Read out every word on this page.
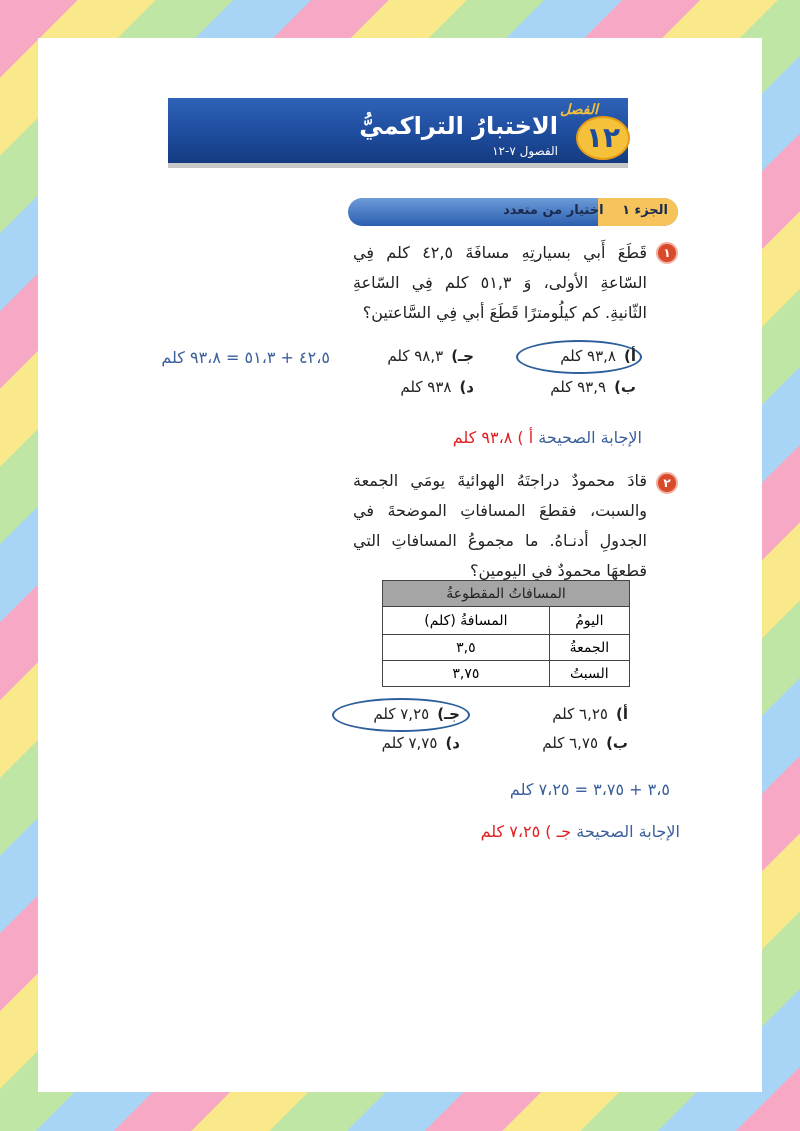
الفصل
١٢
الاختبارُ التراكميُّ
الفصول ٧-١٢
الجزء ١ اختيار من متعدد
١
قَطَعَ أَبي بسيارتِهِ مسافَةَ ٤٢,٥ كلم فِي السّاعةِ الأولى، وَ ٥١,٣ كلم فِي السّاعةِ الثّانيةِ. كم كيلُومترًا قَطَعَ أبي فِي السَّاعتين؟
أ)٩٣,٨ كلم
جـ)٩٨,٣ كلم
ب)٩٣,٩ كلم
د)٩٣٨ كلم
٤٢،٥ + ٥١،٣ = ٩٣،٨ كلم
الإجابة الصحيحة أ ) ٩٣،٨ كلم
٢
قادَ محمودٌ دراجتَهُ الهوائيةَ يومَي الجمعة والسبت، فقطعَ المسافاتِ الموضحةَ في الجدولِ أدنـاهُ. ما مجموعُ المسافاتِ التي قطعهَا محمودٌ في اليومينِ؟
المسافاتُ المقطوعةُ	
اليومُ	المسافةُ (كلم)
الجمعةُ	٣,٥
السبتُ	٣,٧٥
أ)٦,٢٥ كلم
جـ)٧,٢٥ كلم
ب)٦,٧٥ كلم
د)٧,٧٥ كلم
٣،٥ + ٣،٧٥ = ٧،٢٥ كلم
الإجابة الصحيحة جـ ) ٧،٢٥ كلم
